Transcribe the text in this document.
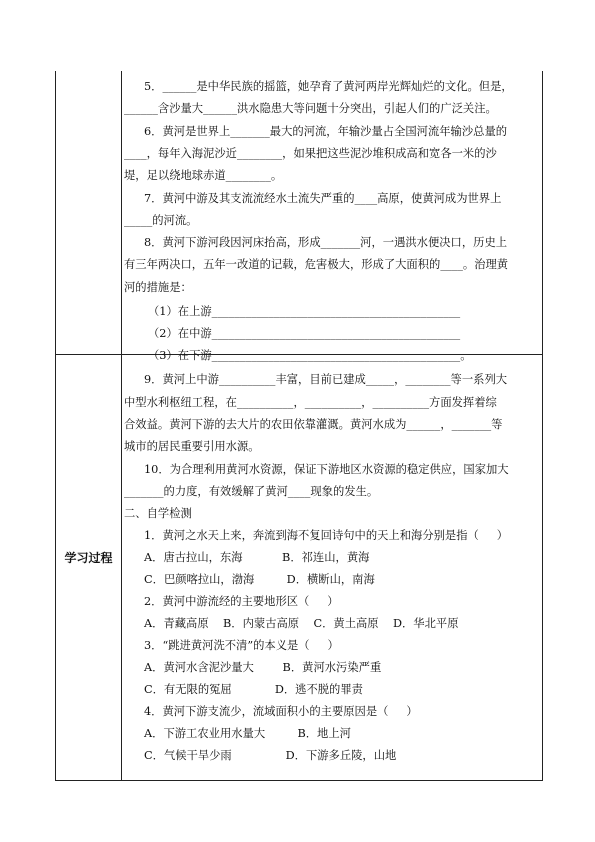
学习过程
5．______是中华民族的摇篮，她孕育了黄河两岸光辉灿烂的文化。但是，
______含沙量大______洪水隐患大等问题十分突出，引起人们的广泛关注。
6．黄河是世界上_______最大的河流，年输沙量占全国河流年输沙总量的
____，每年入海泥沙近________，如果把这些泥沙堆积成高和宽各一米的沙
堤，足以绕地球赤道________。
7．黄河中游及其支流流经水土流失严重的____高原，使黄河成为世界上
_____的河流。
8．黄河下游河段因河床抬高，形成_______河，一遇洪水便决口，历史上
有三年两决口，五年一改道的记载，危害极大，形成了大面积的____。治理黄
河的措施是：
（1）在上游____________________________________________
（2）在中游____________________________________________
（3）在下游____________________________________________。
9．黄河上中游__________丰富，目前已建成_____，________等一系列大
中型水利枢纽工程，在__________，__________，__________方面发挥着综
合效益。黄河下游的去大片的农田依靠灌溉。黄河水成为______，_______等
城市的居民重要引用水源。
10．为合理利用黄河水资源，保证下游地区水资源的稳定供应，国家加大
_______的力度，有效缓解了黄河____现象的发生。
二、自学检测
1．黄河之水天上来，奔流到海不复回诗句中的天上和海分别是指（     ）
A．唐古拉山，东海           B．祁连山，黄海
C．巴颜喀拉山，渤海         D．横断山，南海
2．黄河中游流经的主要地形区（     ）
A．青藏高原    B．内蒙古高原    C．黄土高原    D．华北平原
3．“跳进黄河洗不清”的本义是（     ）
A．黄河水含泥沙量大        B．黄河水污染严重
C．有无限的冤屈            D．逃不脱的罪责
4．黄河下游支流少，流域面积小的主要原因是（     ）
A．下游工农业用水量大         B．地上河
C．气候干旱少雨               D．下游多丘陵，山地
